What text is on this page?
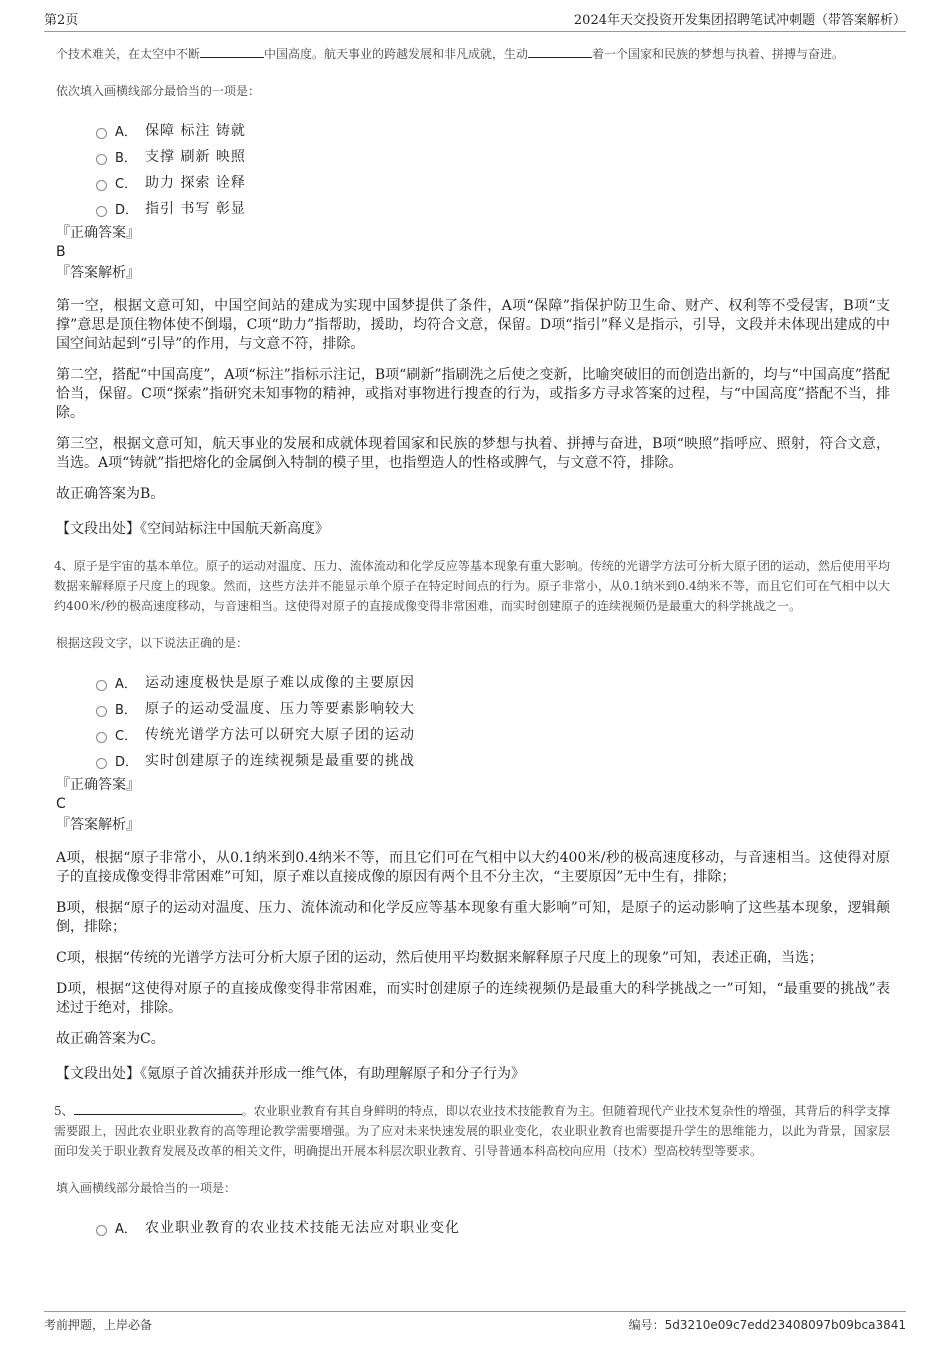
第2页	2024年天交投资开发集团招聘笔试冲刺题（带答案解析）
个技术难关，在太空中不断	中国高度。航天事业的跨越发展和非凡成就，生动	着一个国家和民族的梦想与执着、拼搏与奋进。
依次填入画横线部分最恰当的一项是：
A． 保障 标注 铸就
B． 支撑 刷新 映照
C． 助力 探索 诠释
D． 指引 书写 彰显
『正确答案』
B
『答案解析』
第一空，根据文意可知，中国空间站的建成为实现中国梦提供了条件，A项“保障”指保护防卫生命、财产、权利等不受侵害，B项“支撑”意思是顶住物体使不倒塌，C项“助力”指帮助，援助，均符合文意，保留。D项“指引”释义是指示，引导，文段并未体现出建成的中国空间站起到“引导”的作用，与文意不符，排除。
第二空，搭配“中国高度”，A项“标注”指标示注记，B项“刷新”指刷洗之后使之变新，比喻突破旧的而创造出新的，均与“中国高度”搭配恰当，保留。C项“探索”指研究未知事物的精神，或指对事物进行搜查的行为，或指多方寻求答案的过程，与“中国高度”搭配不当，排除。
第三空，根据文意可知，航天事业的发展和成就体现着国家和民族的梦想与执着、拼搏与奋进，B项“映照”指呼应、照射，符合文意，当选。A项“铸就”指把熔化的金属倒入特制的模子里，也指塑造人的性格或脾气，与文意不符，排除。
故正确答案为B。
【文段出处】《空间站标注中国航天新高度》
4、原子是宇宙的基本单位。原子的运动对温度、压力、流体流动和化学反应等基本现象有重大影响。传统的光谱学方法可分析大原子团的运动，然后使用平均数据来解释原子尺度上的现象。然而，这些方法并不能显示单个原子在特定时间点的行为。原子非常小，从0.1纳米到0.4纳米不等，而且它们可在气相中以大约400米/秒的极高速度移动，与音速相当。这使得对原子的直接成像变得非常困难，而实时创建原子的连续视频仍是最重大的科学挑战之一。
根据这段文字，以下说法正确的是：
A． 运动速度极快是原子难以成像的主要原因
B． 原子的运动受温度、压力等要素影响较大
C． 传统光谱学方法可以研究大原子团的运动
D． 实时创建原子的连续视频是最重要的挑战
『正确答案』
C
『答案解析』
A项，根据“原子非常小，从0.1纳米到0.4纳米不等，而且它们可在气相中以大约400米/秒的极高速度移动，与音速相当。这使得对原子的直接成像变得非常困难”可知，原子难以直接成像的原因有两个且不分主次，“主要原因”无中生有，排除；
B项，根据“原子的运动对温度、压力、流体流动和化学反应等基本现象有重大影响”可知，是原子的运动影响了这些基本现象，逻辑颠倒，排除；
C项，根据“传统的光谱学方法可分析大原子团的运动，然后使用平均数据来解释原子尺度上的现象”可知，表述正确，当选；
D项，根据“这使得对原子的直接成像变得非常困难，而实时创建原子的连续视频仍是最重大的科学挑战之一”可知，“最重要的挑战”表述过于绝对，排除。
故正确答案为C。
【文段出处】《氪原子首次捕获并形成一维气体，有助理解原子和分子行为》
5、	。农业职业教育有其自身鲜明的特点，即以农业技术技能教育为主。但随着现代产业技术复杂性的增强，其背后的科学支撑需要跟上，因此农业职业教育的高等理论教学需要增强。为了应对未来快速发展的职业变化，农业职业教育也需要提升学生的思维能力，以此为背景，国家层面印发关于职业教育发展及改革的相关文件，明确提出开展本科层次职业教育、引导普通本科高校向应用（技术）型高校转型等要求。
填入画横线部分最恰当的一项是：
A． 农业职业教育的农业技术技能无法应对职业变化
考前押题，上岸必备	编号：5d3210e09c7edd23408097b09bca3841
